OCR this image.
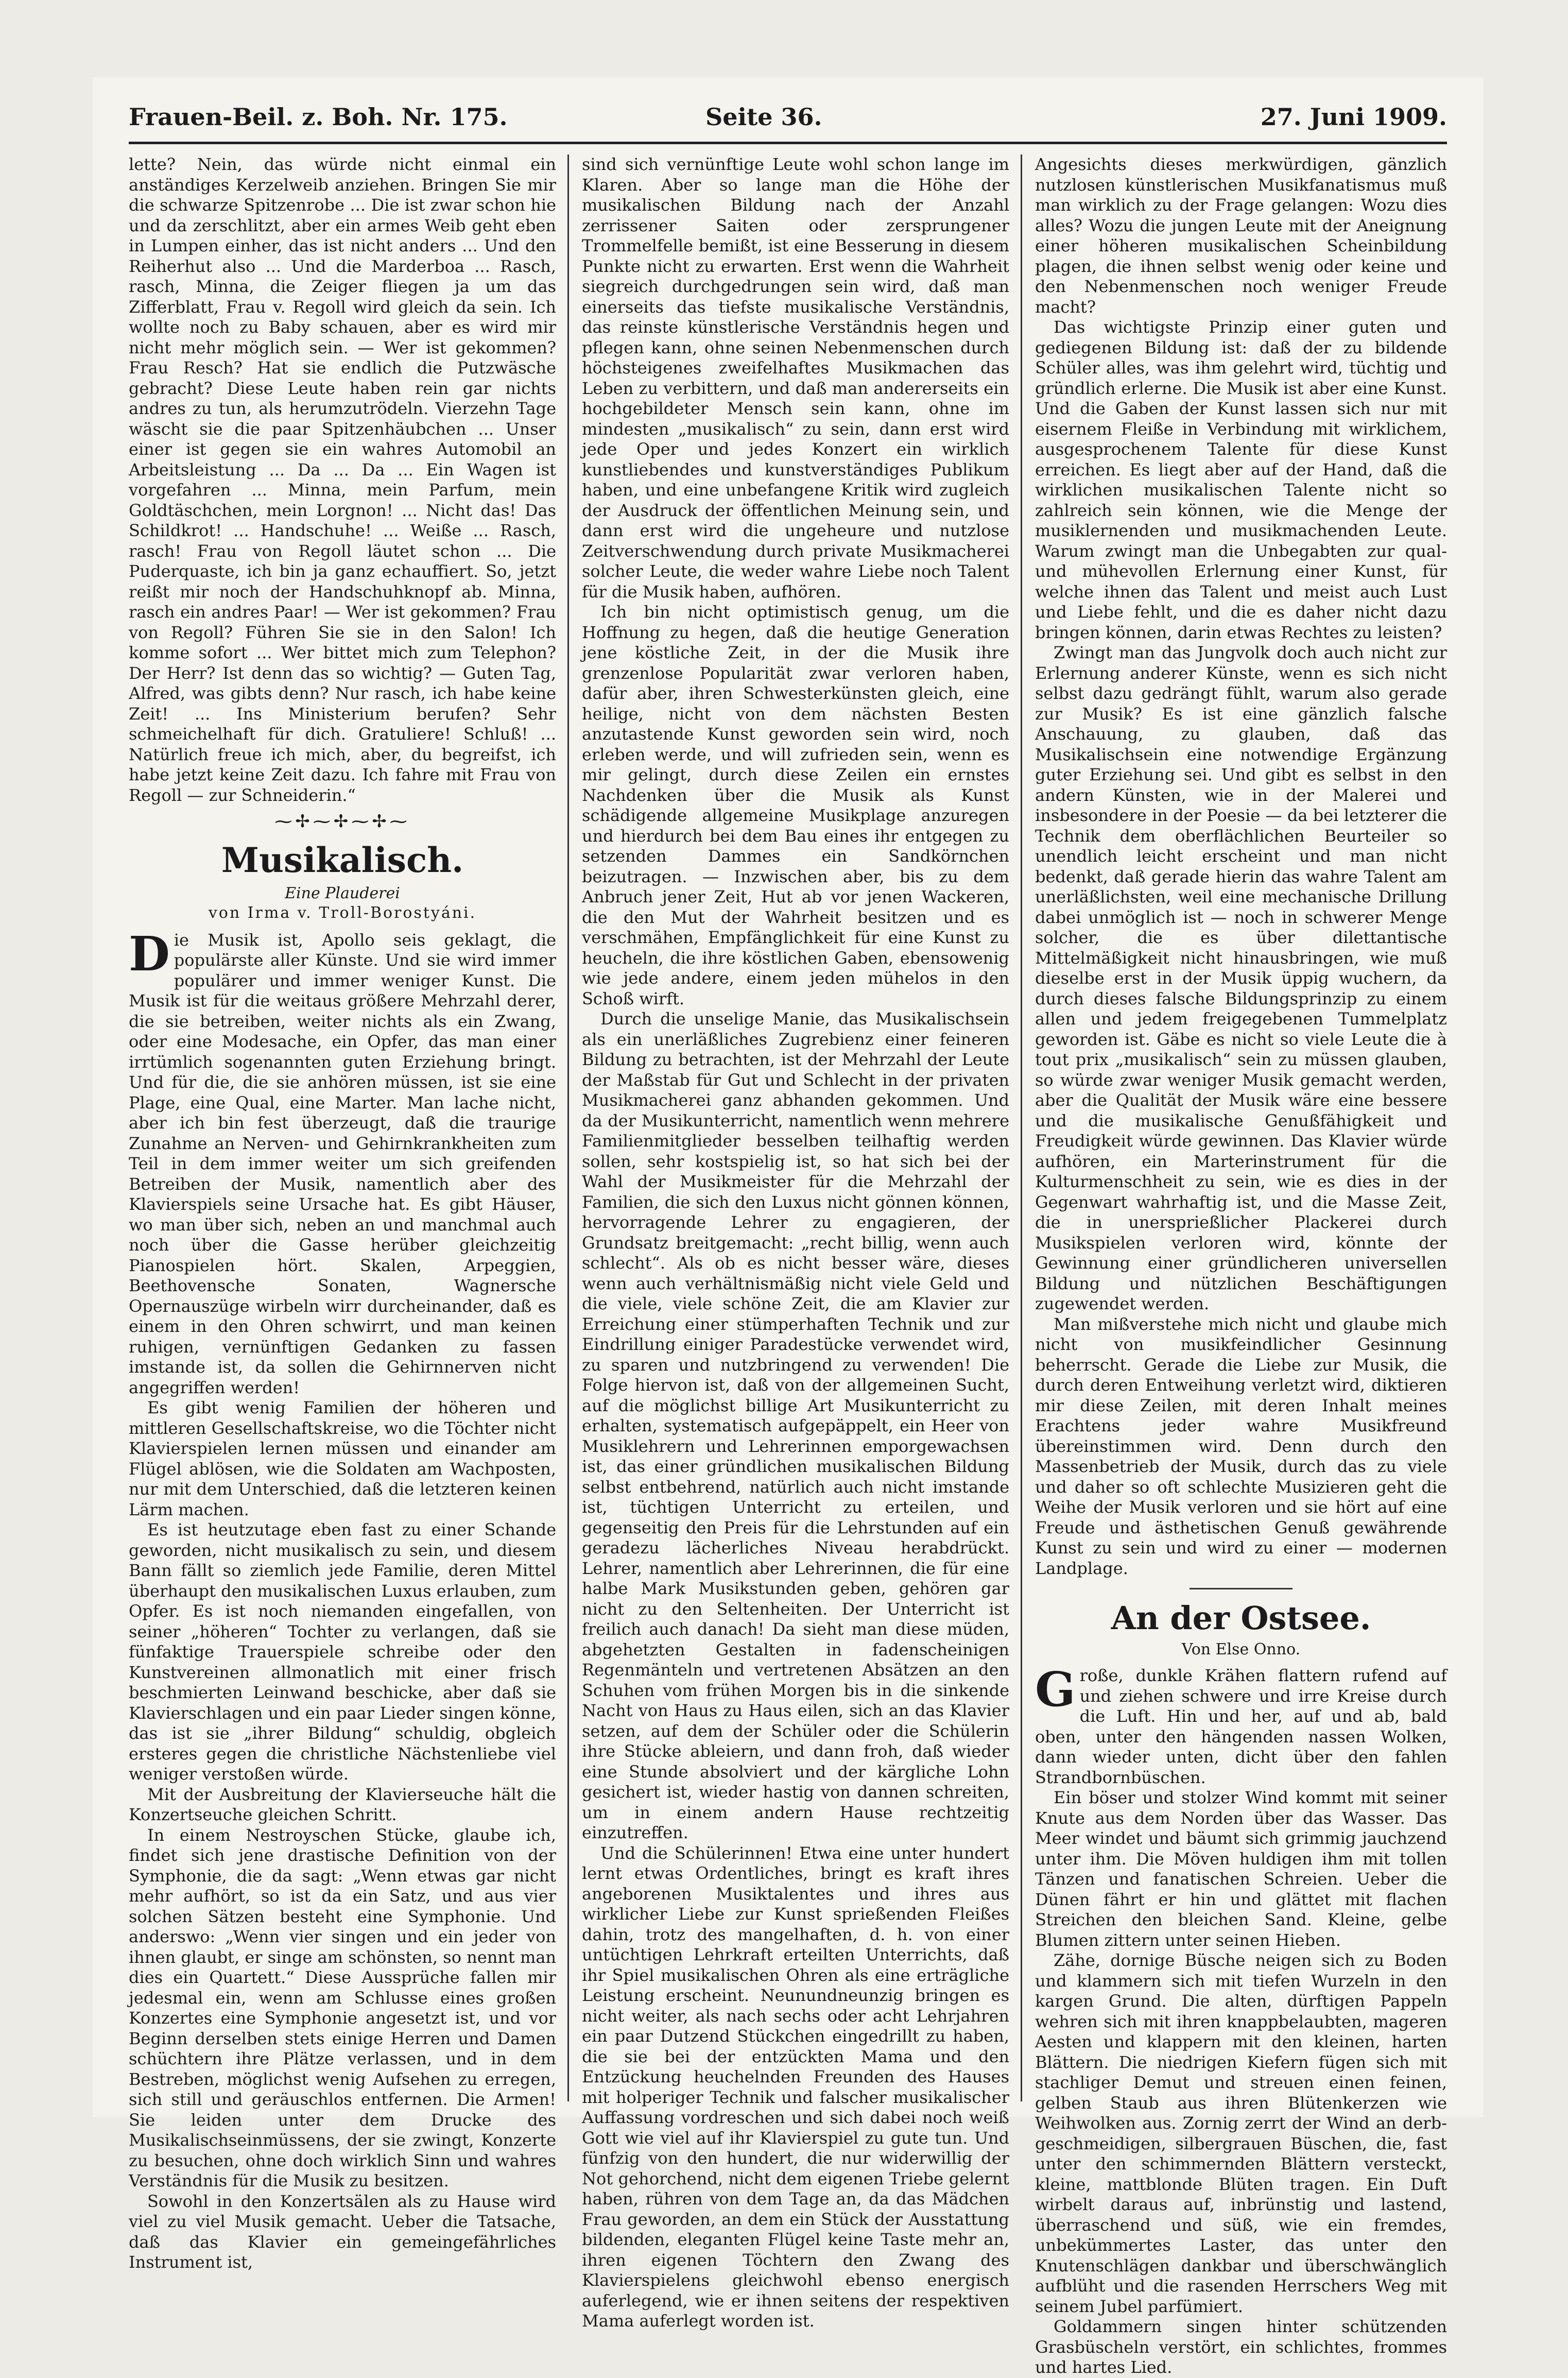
Frauen-Beil. z. Boh. Nr. 175.	Seite 36.	27. Juni 1909.

lette? Nein, das würde nicht einmal ein anständiges Kerzelweib anziehen. Bringen Sie mir die schwarze Spitzenrobe ... Die ist zwar schon hie und da zerschlitzt, aber ein armes Weib geht eben in Lumpen einher, das ist nicht anders ... Und den Reiherhut also ... Und die Marderboa ... Rasch, rasch, Minna, die Zeiger fliegen ja um das Zifferblatt, Frau v. Regoll wird gleich da sein. Ich wollte noch zu Baby schauen, aber es wird mir nicht mehr möglich sein. — Wer ist gekommen? Frau Resch? Hat sie endlich die Putzwäsche gebracht? Diese Leute haben rein gar nichts andres zu tun, als herumzutrödeln. Vierzehn Tage wäscht sie die paar Spitzenhäubchen ... Unser einer ist gegen sie ein wahres Automobil an Arbeitsleistung ... Da ... Da ... Ein Wagen ist vorgefahren ... Minna, mein Parfum, mein Goldtäschchen, mein Lorgnon! ... Nicht das! Das Schildkrot! ... Handschuhe! ... Weiße ... Rasch, rasch! Frau von Regoll läutet schon ... Die Puderquaste, ich bin ja ganz echauffiert. So, jetzt reißt mir noch der Handschuhknopf ab. Minna, rasch ein andres Paar! — Wer ist gekommen? Frau von Regoll? Führen Sie sie in den Salon! Ich komme sofort ... Wer bittet mich zum Telephon? Der Herr? Ist denn das so wichtig? — Guten Tag, Alfred, was gibts denn? Nur rasch, ich habe keine Zeit! ... Ins Ministerium berufen? Sehr schmeichelhaft für dich. Gratuliere! Schluß! ... Natürlich freue ich mich, aber, du begreifst, ich habe jetzt keine Zeit dazu. Ich fahre mit Frau von Regoll — zur Schneiderin.“

⁓✢⁓✢⁓✢⁓
Musikalisch.
Eine Plauderei
von Irma v. Troll-Borostyáni.

Die Musik ist, Apollo seis geklagt, die populärste aller Künste. Und sie wird immer populärer und immer weniger Kunst. Die Musik ist für die weitaus größere Mehrzahl derer, die sie betreiben, weiter nichts als ein Zwang, oder eine Modesache, ein Opfer, das man einer irrtümlich sogenannten guten Erziehung bringt. Und für die, die sie anhören müssen, ist sie eine Plage, eine Qual, eine Marter. Man lache nicht, aber ich bin fest überzeugt, daß die traurige Zunahme an Nerven- und Gehirnkrankheiten zum Teil in dem immer weiter um sich greifenden Betreiben der Musik, namentlich aber des Klavierspiels seine Ursache hat. Es gibt Häuser, wo man über sich, neben an und manchmal auch noch über die Gasse herüber gleichzeitig Pianospielen hört. Skalen, Arpeggien, Beethovensche Sonaten, Wagnersche Opernauszüge wirbeln wirr durcheinander, daß es einem in den Ohren schwirrt, und man keinen ruhigen, vernünftigen Gedanken zu fassen imstande ist, da sollen die Gehirnnerven nicht angegriffen werden!

Es gibt wenig Familien der höheren und mittleren Gesellschaftskreise, wo die Töchter nicht Klavierspielen lernen müssen und einander am Flügel ablösen, wie die Soldaten am Wachposten, nur mit dem Unterschied, daß die letzteren keinen Lärm machen.

Es ist heutzutage eben fast zu einer Schande geworden, nicht musikalisch zu sein, und diesem Bann fällt so ziemlich jede Familie, deren Mittel überhaupt den musikalischen Luxus erlauben, zum Opfer. Es ist noch niemanden eingefallen, von seiner „höheren“ Tochter zu verlangen, daß sie fünfaktige Trauerspiele schreibe oder den Kunstvereinen allmonatlich mit einer frisch beschmierten Leinwand beschicke, aber daß sie Klavierschlagen und ein paar Lieder singen könne, das ist sie „ihrer Bildung“ schuldig, obgleich ersteres gegen die christliche Nächstenliebe viel weniger verstoßen würde.

Mit der Ausbreitung der Klavierseuche hält die Konzertseuche gleichen Schritt.

In einem Nestroyschen Stücke, glaube ich, findet sich jene drastische Definition von der Symphonie, die da sagt: „Wenn etwas gar nicht mehr aufhört, so ist da ein Satz, und aus vier solchen Sätzen besteht eine Symphonie. Und anderswo: „Wenn vier singen und ein jeder von ihnen glaubt, er singe am schönsten, so nennt man dies ein Quartett.“ Diese Aussprüche fallen mir jedesmal ein, wenn am Schlusse eines großen Konzertes eine Symphonie angesetzt ist, und vor Beginn derselben stets einige Herren und Damen schüchtern ihre Plätze verlassen, und in dem Bestreben, möglichst wenig Aufsehen zu erregen, sich still und geräuschlos entfernen. Die Armen! Sie leiden unter dem Drucke des Musikalischseinmüssens, der sie zwingt, Konzerte zu besuchen, ohne doch wirklich Sinn und wahres Verständnis für die Musik zu besitzen.

Sowohl in den Konzertsälen als zu Hause wird viel zu viel Musik gemacht. Ueber die Tatsache, daß das Klavier ein gemeingefährliches Instrument ist,

sind sich vernünftige Leute wohl schon lange im Klaren. Aber so lange man die Höhe der musikalischen Bildung nach der Anzahl zerrissener Saiten oder zersprungener Trommelfelle bemißt, ist eine Besserung in diesem Punkte nicht zu erwarten. Erst wenn die Wahrheit siegreich durchgedrungen sein wird, daß man einerseits das tiefste musikalische Verständnis, das reinste künstlerische Verständnis hegen und pflegen kann, ohne seinen Nebenmenschen durch höchsteigenes zweifelhaftes Musikmachen das Leben zu verbittern, und daß man andererseits ein hochgebildeter Mensch sein kann, ohne im mindesten „musikalisch“ zu sein, dann erst wird jede Oper und jedes Konzert ein wirklich kunstliebendes und kunstverständiges Publikum haben, und eine unbefangene Kritik wird zugleich der Ausdruck der öffentlichen Meinung sein, und dann erst wird die ungeheure und nutzlose Zeitverschwendung durch private Musikmacherei solcher Leute, die weder wahre Liebe noch Talent für die Musik haben, aufhören.

Ich bin nicht optimistisch genug, um die Hoffnung zu hegen, daß die heutige Generation jene köstliche Zeit, in der die Musik ihre grenzenlose Popularität zwar verloren haben, dafür aber, ihren Schwesterkünsten gleich, eine heilige, nicht von dem nächsten Besten anzutastende Kunst geworden sein wird, noch erleben werde, und will zufrieden sein, wenn es mir gelingt, durch diese Zeilen ein ernstes Nachdenken über die Musik als Kunst schädigende allgemeine Musikplage anzuregen und hierdurch bei dem Bau eines ihr entgegen zu setzenden Dammes ein Sandkörnchen beizutragen. — Inzwischen aber, bis zu dem Anbruch jener Zeit, Hut ab vor jenen Wackeren, die den Mut der Wahrheit besitzen und es verschmähen, Empfänglichkeit für eine Kunst zu heucheln, die ihre köstlichen Gaben, ebensowenig wie jede andere, einem jeden mühelos in den Schoß wirft.

Durch die unselige Manie, das Musikalischsein als ein unerläßliches Zugrebienz einer feineren Bildung zu betrachten, ist der Mehrzahl der Leute der Maßstab für Gut und Schlecht in der privaten Musikmacherei ganz abhanden gekommen. Und da der Musikunterricht, namentlich wenn mehrere Familienmitglieder besselben teilhaftig werden sollen, sehr kostspielig ist, so hat sich bei der Wahl der Musikmeister für die Mehrzahl der Familien, die sich den Luxus nicht gönnen können, hervorragende Lehrer zu engagieren, der Grundsatz breitgemacht: „recht billig, wenn auch schlecht“. Als ob es nicht besser wäre, dieses wenn auch verhältnismäßig nicht viele Geld und die viele, viele schöne Zeit, die am Klavier zur Erreichung einer stümperhaften Technik und zur Eindrillung einiger Paradestücke verwendet wird, zu sparen und nutzbringend zu verwenden! Die Folge hiervon ist, daß von der allgemeinen Sucht, auf die möglichst billige Art Musikunterricht zu erhalten, systematisch aufgepäppelt, ein Heer von Musiklehrern und Lehrerinnen emporgewachsen ist, das einer gründlichen musikalischen Bildung selbst entbehrend, natürlich auch nicht imstande ist, tüchtigen Unterricht zu erteilen, und gegenseitig den Preis für die Lehrstunden auf ein geradezu lächerliches Niveau herabdrückt. Lehrer, namentlich aber Lehrerinnen, die für eine halbe Mark Musikstunden geben, gehören gar nicht zu den Seltenheiten. Der Unterricht ist freilich auch danach! Da sieht man diese müden, abgehetzten Gestalten in fadenscheinigen Regenmänteln und vertretenen Absätzen an den Schuhen vom frühen Morgen bis in die sinkende Nacht von Haus zu Haus eilen, sich an das Klavier setzen, auf dem der Schüler oder die Schülerin ihre Stücke ableiern, und dann froh, daß wieder eine Stunde absolviert und der kärgliche Lohn gesichert ist, wieder hastig von dannen schreiten, um in einem andern Hause rechtzeitig einzutreffen.

Und die Schülerinnen! Etwa eine unter hundert lernt etwas Ordentliches, bringt es kraft ihres angeborenen Musiktalentes und ihres aus wirklicher Liebe zur Kunst sprießenden Fleißes dahin, trotz des mangelhaften, d. h. von einer untüchtigen Lehrkraft erteilten Unterrichts, daß ihr Spiel musikalischen Ohren als eine erträgliche Leistung erscheint. Neunundneunzig bringen es nicht weiter, als nach sechs oder acht Lehrjahren ein paar Dutzend Stückchen eingedrillt zu haben, die sie bei der entzückten Mama und den Entzückung heuchelnden Freunden des Hauses mit holperiger Technik und falscher musikalischer Auffassung vordreschen und sich dabei noch weiß Gott wie viel auf ihr Klavierspiel zu gute tun. Und fünfzig von den hundert, die nur widerwillig der Not gehorchend, nicht dem eigenen Triebe gelernt haben, rühren von dem Tage an, da das Mädchen Frau geworden, an dem ein Stück der Ausstattung bildenden, eleganten Flügel keine Taste mehr an, ihren eigenen Töchtern den Zwang des Klavierspielens gleichwohl ebenso energisch auferlegend, wie er ihnen seitens der respektiven Mama auferlegt worden ist.

Angesichts dieses merkwürdigen, gänzlich nutzlosen künstlerischen Musikfanatismus muß man wirklich zu der Frage gelangen: Wozu dies alles? Wozu die jungen Leute mit der Aneignung einer höheren musikalischen Scheinbildung plagen, die ihnen selbst wenig oder keine und den Nebenmenschen noch weniger Freude macht?

Das wichtigste Prinzip einer guten und gediegenen Bildung ist: daß der zu bildende Schüler alles, was ihm gelehrt wird, tüchtig und gründlich erlerne. Die Musik ist aber eine Kunst. Und die Gaben der Kunst lassen sich nur mit eisernem Fleiße in Verbindung mit wirklichem, ausgesprochenem Talente für diese Kunst erreichen. Es liegt aber auf der Hand, daß die wirklichen musikalischen Talente nicht so zahlreich sein können, wie die Menge der musiklernenden und musikmachenden Leute. Warum zwingt man die Unbegabten zur qual- und mühevollen Erlernung einer Kunst, für welche ihnen das Talent und meist auch Lust und Liebe fehlt, und die es daher nicht dazu bringen können, darin etwas Rechtes zu leisten?

Zwingt man das Jungvolk doch auch nicht zur Erlernung anderer Künste, wenn es sich nicht selbst dazu gedrängt fühlt, warum also gerade zur Musik? Es ist eine gänzlich falsche Anschauung, zu glauben, daß das Musikalischsein eine notwendige Ergänzung guter Erziehung sei. Und gibt es selbst in den andern Künsten, wie in der Malerei und insbesondere in der Poesie — da bei letzterer die Technik dem oberflächlichen Beurteiler so unendlich leicht erscheint und man nicht bedenkt, daß gerade hierin das wahre Talent am unerläßlichsten, weil eine mechanische Drillung dabei unmöglich ist — noch in schwerer Menge solcher, die es über dilettantische Mittelmäßigkeit nicht hinausbringen, wie muß dieselbe erst in der Musik üppig wuchern, da durch dieses falsche Bildungsprinzip zu einem allen und jedem freigegebenen Tummelplatz geworden ist. Gäbe es nicht so viele Leute die à tout prix „musikalisch“ sein zu müssen glauben, so würde zwar weniger Musik gemacht werden, aber die Qualität der Musik wäre eine bessere und die musikalische Genußfähigkeit und Freudigkeit würde gewinnen. Das Klavier würde aufhören, ein Marterinstrument für die Kulturmenschheit zu sein, wie es dies in der Gegenwart wahrhaftig ist, und die Masse Zeit, die in unersprießlicher Plackerei durch Musikspielen verloren wird, könnte der Gewinnung einer gründlicheren universellen Bildung und nützlichen Beschäftigungen zugewendet werden.

Man mißverstehe mich nicht und glaube mich nicht von musikfeindlicher Gesinnung beherrscht. Gerade die Liebe zur Musik, die durch deren Entweihung verletzt wird, diktieren mir diese Zeilen, mit deren Inhalt meines Erachtens jeder wahre Musikfreund übereinstimmen wird. Denn durch den Massenbetrieb der Musik, durch das zu viele und daher so oft schlechte Musizieren geht die Weihe der Musik verloren und sie hört auf eine Freude und ästhetischen Genuß gewährende Kunst zu sein und wird zu einer — modernen Landplage.

An der Ostsee.
Von Else Onno.

Große, dunkle Krähen flattern rufend auf und ziehen schwere und irre Kreise durch die Luft. Hin und her, auf und ab, bald oben, unter den hängenden nassen Wolken, dann wieder unten, dicht über den fahlen Strandbornbüschen.

Ein böser und stolzer Wind kommt mit seiner Knute aus dem Norden über das Wasser. Das Meer windet und bäumt sich grimmig jauchzend unter ihm. Die Möven huldigen ihm mit tollen Tänzen und fanatischen Schreien. Ueber die Dünen fährt er hin und glättet mit flachen Streichen den bleichen Sand. Kleine, gelbe Blumen zittern unter seinen Hieben.

Zähe, dornige Büsche neigen sich zu Boden und klammern sich mit tiefen Wurzeln in den kargen Grund. Die alten, dürftigen Pappeln wehren sich mit ihren knappbelaubten, mageren Aesten und klappern mit den kleinen, harten Blättern. Die niedrigen Kiefern fügen sich mit stachliger Demut und streuen einen feinen, gelben Staub aus ihren Blütenkerzen wie Weihwolken aus. Zornig zerrt der Wind an derb-geschmeidigen, silbergrauen Büschen, die, fast unter den schimmernden Blättern versteckt, kleine, mattblonde Blüten tragen. Ein Duft wirbelt daraus auf, inbrünstig und lastend, überraschend und süß, wie ein fremdes, unbekümmertes Laster, das unter den Knutenschlägen dankbar und überschwänglich aufblüht und die rasenden Herrschers Weg mit seinem Jubel parfümiert.

Goldammern singen hinter schützenden Grasbüscheln verstört, ein schlichtes, frommes und hartes Lied.
